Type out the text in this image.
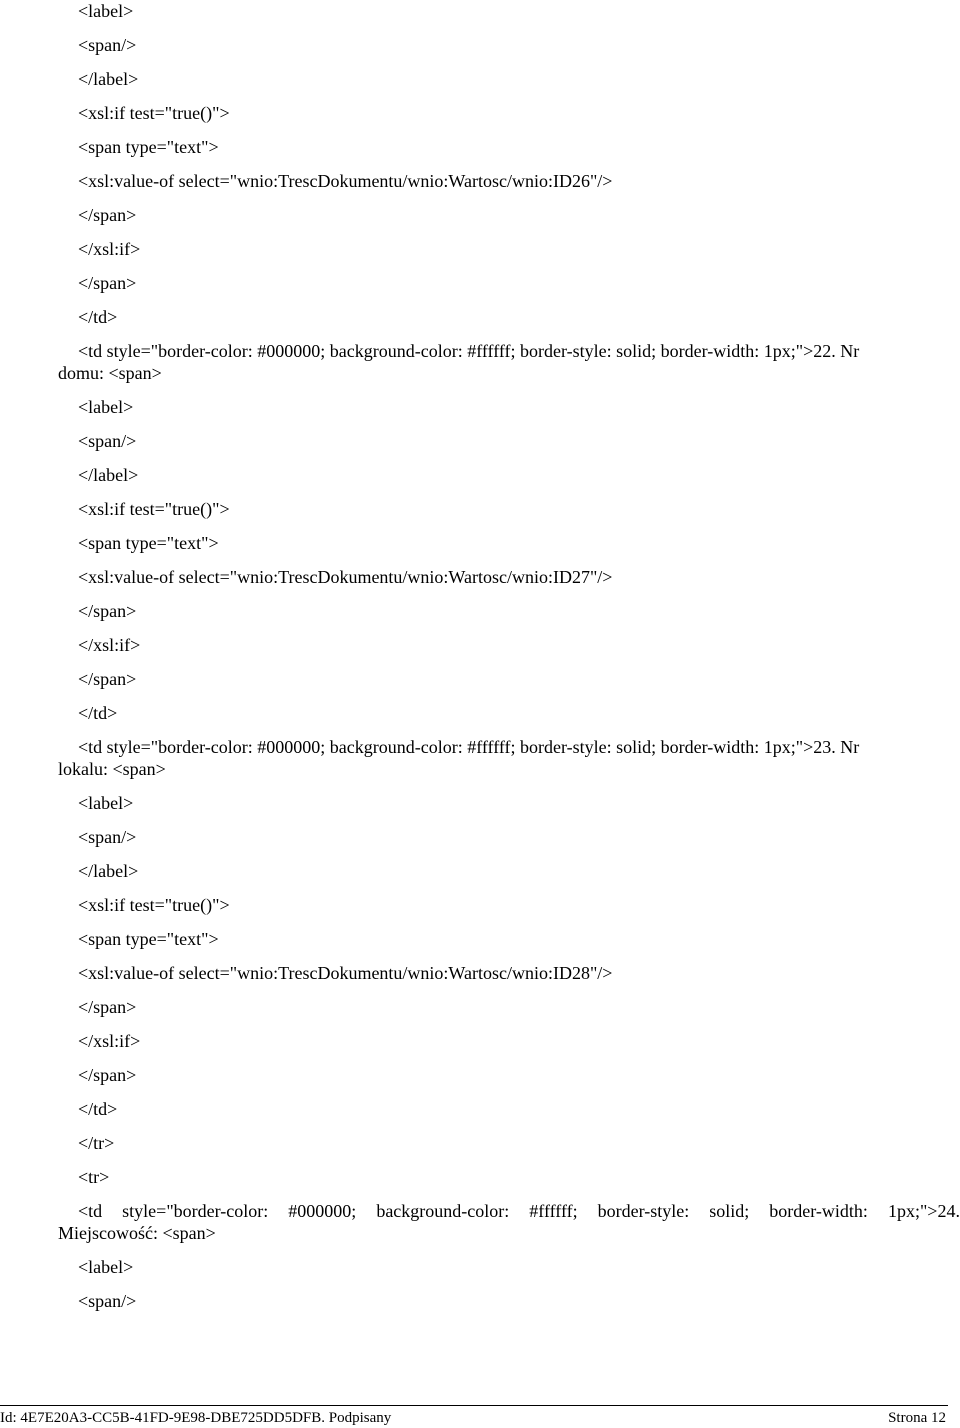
<label>
<span/>
</label>
<xsl:if test="true()">
<span type="text">
<xsl:value-of select="wnio:TrescDokumentu/wnio:Wartosc/wnio:ID26"/>
</span>
</xsl:if>
</span>
</td>
<td style="border-color: #000000; background-color: #ffffff; border-style: solid; border-width: 1px;">22. Nr
domu: <span>
<label>
<span/>
</label>
<xsl:if test="true()">
<span type="text">
<xsl:value-of select="wnio:TrescDokumentu/wnio:Wartosc/wnio:ID27"/>
</span>
</xsl:if>
</span>
</td>
<td style="border-color: #000000; background-color: #ffffff; border-style: solid; border-width: 1px;">23. Nr
lokalu: <span>
<label>
<span/>
</label>
<xsl:if test="true()">
<span type="text">
<xsl:value-of select="wnio:TrescDokumentu/wnio:Wartosc/wnio:ID28"/>
</span>
</xsl:if>
</span>
</td>
</tr>
<tr>
<td style="border-color: #000000; background-color: #ffffff; border-style: solid; border-width: 1px;">24.
Miejscowość: <span>
<label>
<span/>
Id: 4E7E20A3-CC5B-41FD-9E98-DBE725DD5DFB. Podpisany	Strona 12
